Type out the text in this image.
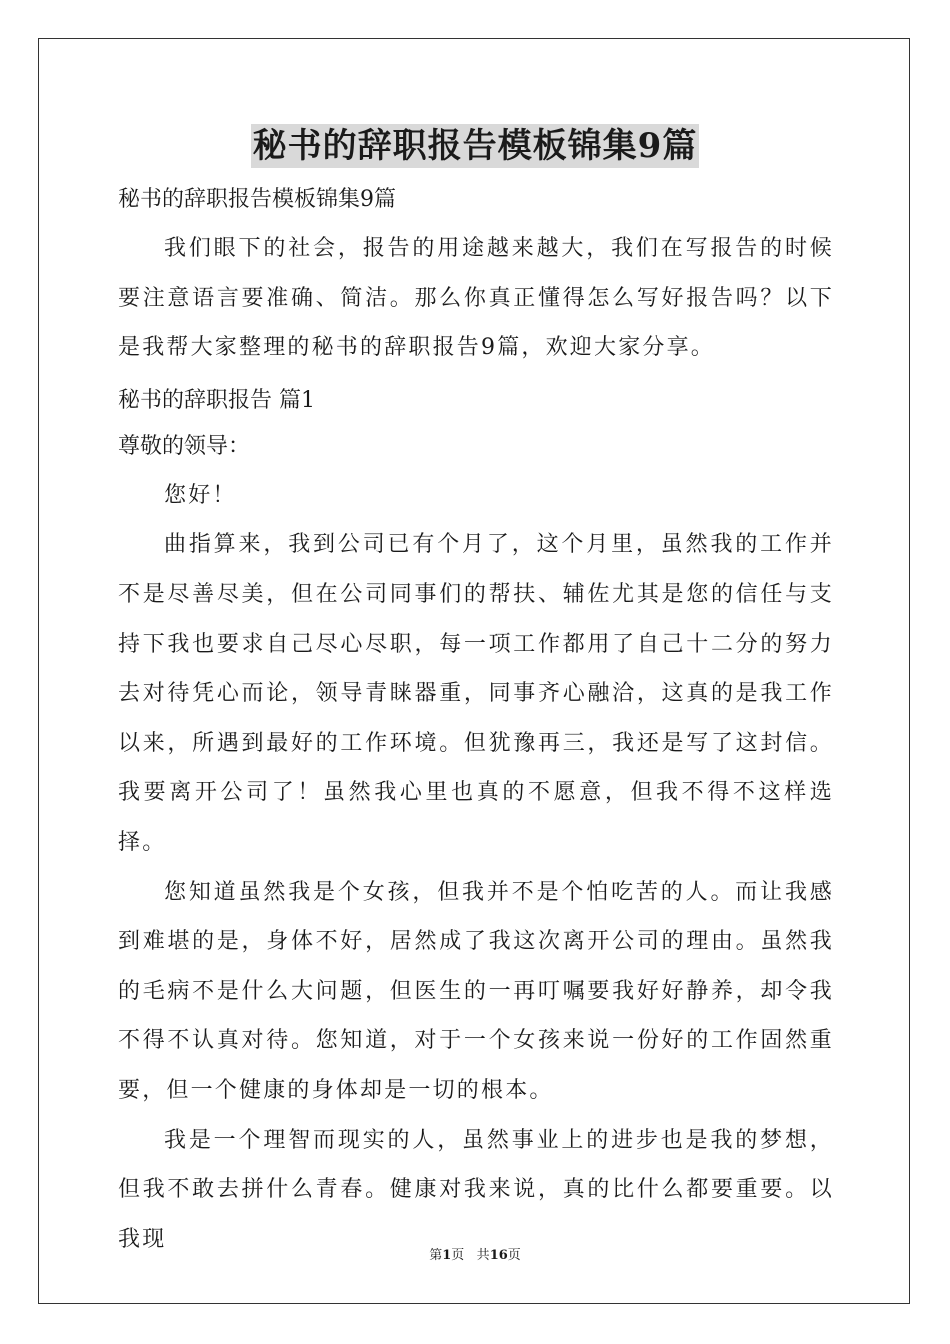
秘书的辞职报告模板锦集9篇

秘书的辞职报告模板锦集9篇

我们眼下的社会，报告的用途越来越大，我们在写报告的时候要注意语言要准确、简洁。那么你真正懂得怎么写好报告吗？以下是我帮大家整理的秘书的辞职报告9篇，欢迎大家分享。

秘书的辞职报告 篇1

尊敬的领导：

您好！

曲指算来，我到公司已有个月了，这个月里，虽然我的工作并不是尽善尽美，但在公司同事们的帮扶、辅佐尤其是您的信任与支持下我也要求自己尽心尽职，每一项工作都用了自己十二分的努力去对待凭心而论，领导青睐器重，同事齐心融洽，这真的是我工作以来，所遇到最好的工作环境。但犹豫再三，我还是写了这封信。我要离开公司了！虽然我心里也真的不愿意，但我不得不这样选择。

您知道虽然我是个女孩，但我并不是个怕吃苦的人。而让我感到难堪的是，身体不好，居然成了我这次离开公司的理由。虽然我的毛病不是什么大问题，但医生的一再叮嘱要我好好静养，却令我不得不认真对待。您知道，对于一个女孩来说一份好的工作固然重要，但一个健康的身体却是一切的根本。

我是一个理智而现实的人，虽然事业上的进步也是我的梦想，但我不敢去拼什么青春。健康对我来说，真的比什么都要重要。以我现

第1页 共16页
